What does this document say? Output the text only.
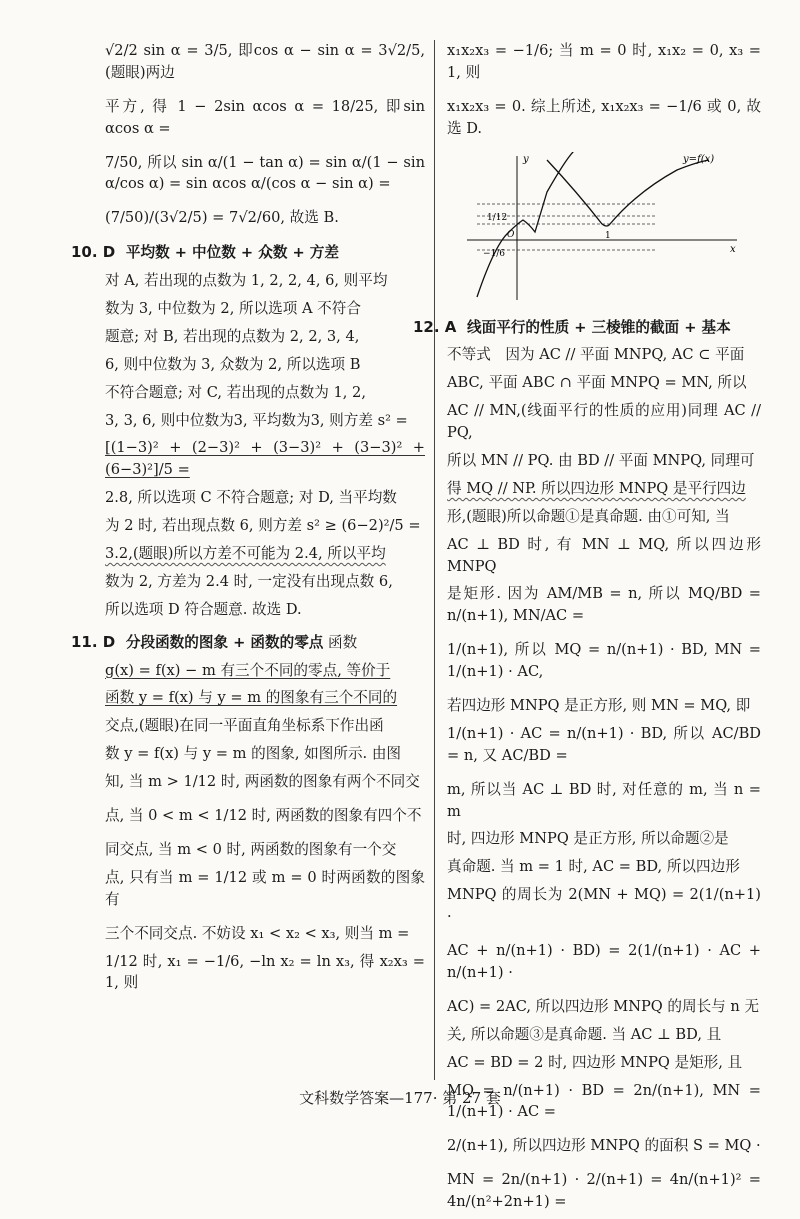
√2/2 sin α = 3/5, 即cos α − sin α = 3√2/5,(题眼)两边
平方, 得 1 − 2sin αcos α = 18/25, 即sin αcos α =
7/50, 所以 sin α/(1 − tan α) = sin α/(1 − sin α/cos α) = sin αcos α/(cos α − sin α) =
(7/50)/(3√2/5) = 7√2/60, 故选 B.
10. D 平均数 + 中位数 + 众数 + 方差
对 A, 若出现的点数为 1, 2, 2, 4, 6, 则平均
数为 3, 中位数为 2, 所以选项 A 不符合
题意; 对 B, 若出现的点数为 2, 2, 3, 4,
6, 则中位数为 3, 众数为 2, 所以选项 B
不符合题意; 对 C, 若出现的点数为 1, 2,
3, 3, 6, 则中位数为3, 平均数为3, 则方差 s² =
[(1−3)² + (2−3)² + (3−3)² + (3−3)² + (6−3)²]/5 =
2.8, 所以选项 C 不符合题意; 对 D, 当平均数
为 2 时, 若出现点数 6, 则方差 s² ≥ (6−2)²/5 =
3.2,(题眼)所以方差不可能为 2.4, 所以平均
数为 2, 方差为 2.4 时, 一定没有出现点数 6,
所以选项 D 符合题意. 故选 D.
11. D 分段函数的图象 + 函数的零点 函数
g(x) = f(x) − m 有三个不同的零点, 等价于
函数 y = f(x) 与 y = m 的图象有三个不同的
交点,(题眼)在同一平面直角坐标系下作出函
数 y = f(x) 与 y = m 的图象, 如图所示. 由图
知, 当 m > 1/12 时, 两函数的图象有两个不同交
点, 当 0 < m < 1/12 时, 两函数的图象有四个不
同交点, 当 m < 0 时, 两函数的图象有一个交
点, 只有当 m = 1/12 或 m = 0 时两函数的图象有
三个不同交点. 不妨设 x₁ < x₂ < x₃, 则当 m =
1/12 时, x₁ = −1/6, −ln x₂ = ln x₃, 得 x₂x₃ = 1, 则
x₁x₂x₃ = −1/6; 当 m = 0 时, x₁x₂ = 0, x₃ = 1, 则
x₁x₂x₃ = 0. 综上所述, x₁x₂x₃ = −1/6 或 0, 故选 D.
y=f(x)
y
x
1/12
−1/6
O	1
12. A 线面平行的性质 + 三棱锥的截面 + 基本
不等式　因为 AC // 平面 MNPQ, AC ⊂ 平面
ABC, 平面 ABC ∩ 平面 MNPQ = MN, 所以
AC // MN,(线面平行的性质的应用)同理 AC // PQ,
所以 MN // PQ. 由 BD // 平面 MNPQ, 同理可
得 MQ // NP. 所以四边形 MNPQ 是平行四边
形,(题眼)所以命题①是真命题. 由①可知, 当
AC ⊥ BD 时, 有 MN ⊥ MQ, 所以四边形 MNPQ
是矩形. 因为 AM/MB = n, 所以 MQ/BD = n/(n+1), MN/AC =
1/(n+1), 所以 MQ = n/(n+1) · BD, MN = 1/(n+1) · AC,
若四边形 MNPQ 是正方形, 则 MN = MQ, 即
1/(n+1) · AC = n/(n+1) · BD, 所以 AC/BD = n, 又 AC/BD =
m, 所以当 AC ⊥ BD 时, 对任意的 m, 当 n = m
时, 四边形 MNPQ 是正方形, 所以命题②是
真命题. 当 m = 1 时, AC = BD, 所以四边形
MNPQ 的周长为 2(MN + MQ) = 2(1/(n+1) ·
AC + n/(n+1) · BD) = 2(1/(n+1) · AC + n/(n+1) ·
AC) = 2AC, 所以四边形 MNPQ 的周长与 n 无
关, 所以命题③是真命题. 当 AC ⊥ BD, 且
AC = BD = 2 时, 四边形 MNPQ 是矩形, 且
MQ = n/(n+1) · BD = 2n/(n+1), MN = 1/(n+1) · AC =
2/(n+1), 所以四边形 MNPQ 的面积 S = MQ ·
MN = 2n/(n+1) · 2/(n+1) = 4n/(n+1)² = 4n/(n²+2n+1) =
文科数学答案—177· 第 27 套
